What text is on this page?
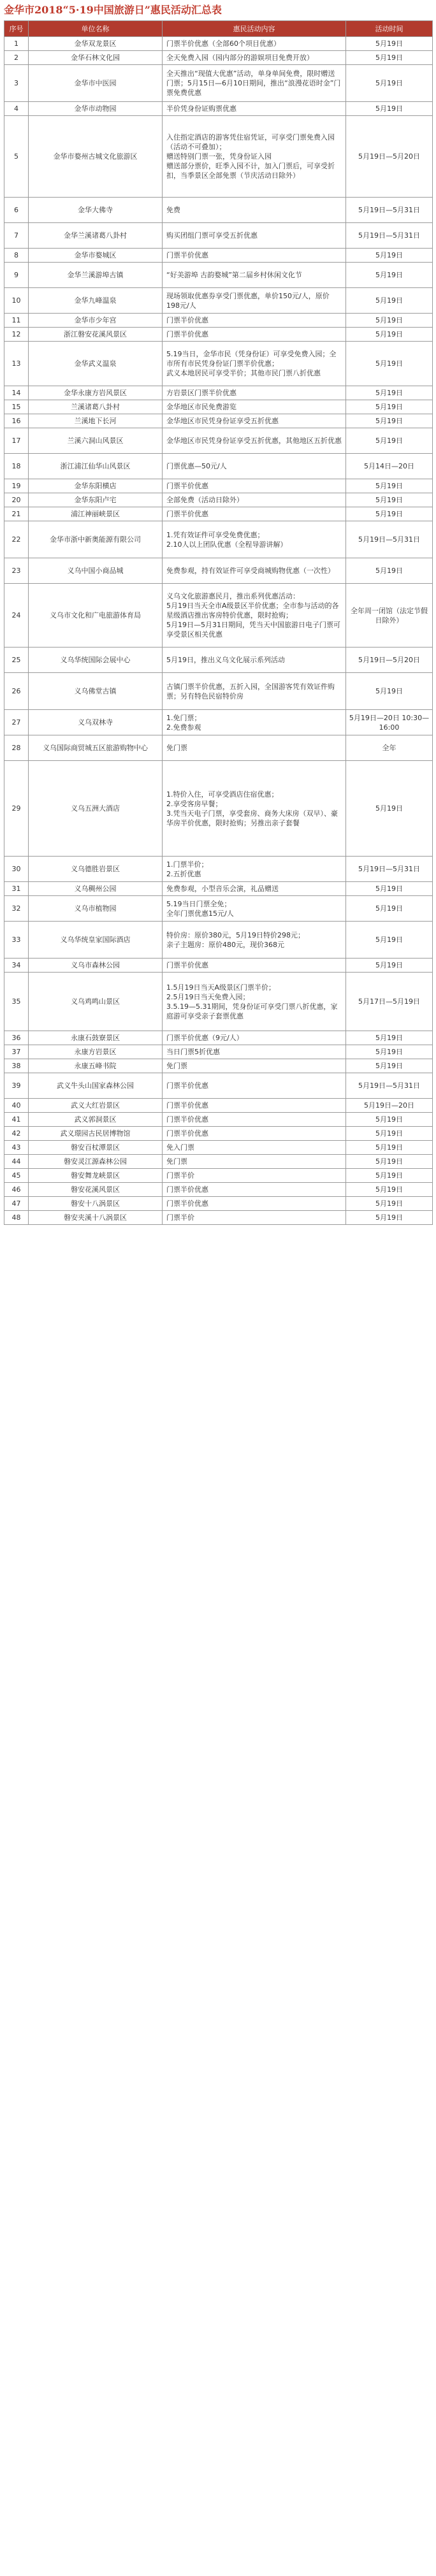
金华市2018“5·19中国旅游日”惠民活动汇总表
序号	单位名称	惠民活动内容	活动时间
1	金华双龙景区	门票半价优惠（全部60个项目优惠）	5月19日
2	金华石林文化园	全天免费入园（园内部分的游娱项目免费开放）	5月19日
3	金华市中医园	全天推出“现值大优惠”活动，单身单间免费，限时赠送门票；5月15日—6月10日期间，推出“浪漫花语时金”门票免费优惠	5月19日
4	金华市动物园	半价凭身份证购票优惠	5月19日
5	金华市婺州古城文化旅游区	入住指定酒店的游客凭住宿凭证，可享受门票免费入园（活动不可叠加）；
赠送特别门票一张，凭身份证入园
赠送部分票价，旺季入园不计，加入门票后，可享受折扣，当季景区全部免票（节庆活动日除外）	5月19日—5月20日
6	金华大佛寺	免费	5月19日—5月31日
7	金华兰溪诸葛八卦村	购买团组门票可享受五折优惠	5月19日—5月31日
8	金华市婺城区	门票半价优惠	5月19日
9	金华兰溪游埠古镇	“好美游埠 古韵婺城”第二届乡村休闲文化节	5月19日
10	金华九峰温泉	现场领取优惠券享受门票优惠，单价150元/人，原价198元/人	5月19日
11	金华市少年宫	门票半价优惠	5月19日
12	浙江磐安花溪风景区	门票半价优惠	5月19日
13	金华武义温泉	5.19当日，金华市民（凭身份证）可享受免费入园；全市所有市民凭身份证门票半价优惠；
武义本地居民可享受半价；其他市民门票八折优惠	5月19日
14	金华永康方岩风景区	方岩景区门票半价优惠	5月19日
15	兰溪诸葛八卦村	金华地区市民免费游览	5月19日
16	兰溪地下长河	金华地区市民凭身份证享受五折优惠	5月19日
17	兰溪六洞山风景区	金华地区市民凭身份证享受五折优惠，其他地区五折优惠	5月19日
18	浙江浦江仙华山风景区	门票优惠—50元/人	5月14日—20日
19	金华东阳横店	门票半价优惠	5月19日
20	金华东阳卢宅	全部免费（活动日除外）	5月19日
21	浦江神丽峡景区	门票半价优惠	5月19日
22	金华市浙中新奥能源有限公司	1.凭有效证件可享受免费优惠；
2.10人以上团队优惠（全程导游讲解）	5月19日—5月31日
23	义乌中国小商品城	免费参观，持有效证件可享受商城购物优惠（一次性）	5月19日
24	义乌市文化和广电旅游体育局	义乌文化旅游惠民月，推出系列优惠活动：
5月19日当天全市A级景区半价优惠；全市参与活动的各星级酒店推出客房特价优惠，限时抢购；
5月19日—5月31日期间，凭当天中国旅游日电子门票可享受景区相关优惠	全年周一闭馆（法定节假日除外）
25	义乌华统国际会展中心	5月19日，推出义乌文化展示系列活动	5月19日—5月20日
26	义乌佛堂古镇	古镇门票半价优惠，五折入园，全国游客凭有效证件购票；另有特色民宿特价房	5月19日
27	义乌双林寺	1.免门票；
2.免费参观	5月19日—20日 10:30—16:00
28	义乌国际商贸城五区旅游购物中心	免门票	全年
29	义乌五洲大酒店	1.特价入住，可享受酒店住宿优惠；
2.享受客房早餐；
3.凭当天电子门票，享受套房、商务大床房（双早）、豪华房半价优惠，限时抢购；另推出亲子套餐	5月19日
30	义乌德胜岩景区	1.门票半价；
2.五折优惠	5月19日—5月31日
31	义乌稠州公园	免费参观，小型音乐会演，礼品赠送	5月19日
32	义乌市植物园	5.19当日门票全免；
全年门票优惠15元/人	5月19日
33	义乌华统皇家国际酒店	特价房：原价380元，5月19日特价298元；
亲子主题房：原价480元，现价368元	5月19日
34	义乌市森林公园	门票半价优惠	5月19日
35	义乌鸡鸣山景区	1.5月19日当天A级景区门票半价；
2.5月19日当天免费入园；
3.5.19—5.31期间，凭身份证可享受门票八折优惠，家庭游可享受亲子套票优惠	5月17日—5月19日
36	永康石鼓寮景区	门票半价优惠（9元/人）	5月19日
37	永康方岩景区	当日门票5折优惠	5月19日
38	永康五峰书院	免门票	5月19日
39	武义牛头山国家森林公园	门票半价优惠	5月19日—5月31日
40	武义大红岩景区	门票半价优惠	5月19日—20日
41	武义郭洞景区	门票半价优惠	5月19日
42	武义璟园古民居博物馆	门票半价优惠	5月19日
43	磐安百杖潭景区	免入门票	5月19日
44	磐安灵江源森林公园	免门票	5月19日
45	磐安舞龙峡景区	门票半价	5月19日
46	磐安花溪风景区	门票半价优惠	5月19日
47	磐安十八涡景区	门票半价优惠	5月19日
48	磐安夹溪十八涡景区	门票半价	5月19日
